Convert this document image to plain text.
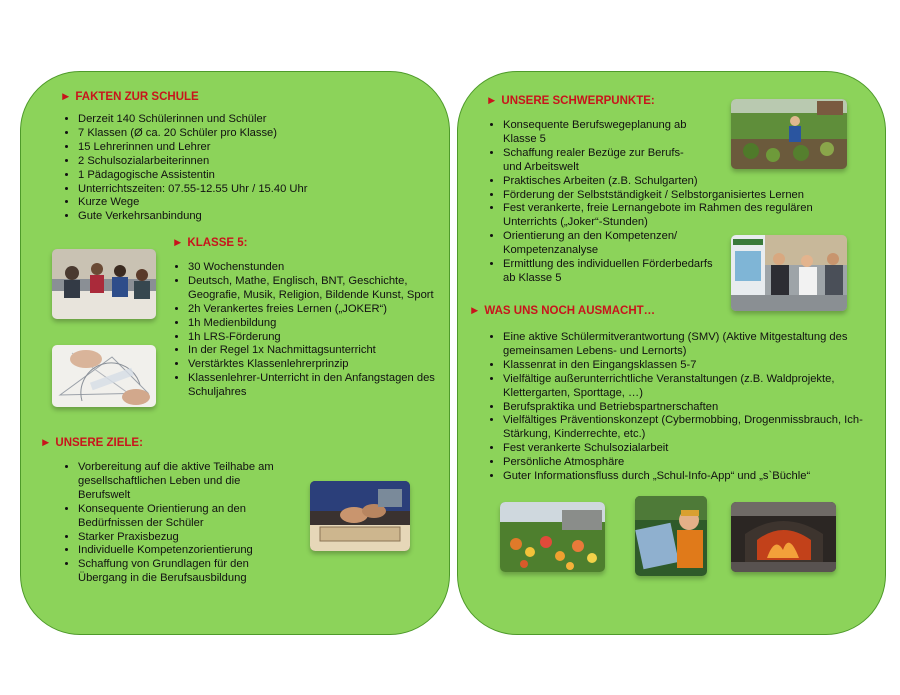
► FAKTEN ZUR SCHULE
• Derzeit 140 Schülerinnen und Schüler
• 7 Klassen (Ø ca. 20 Schüler pro Klasse)
• 15 Lehrerinnen und Lehrer
• 2 Schulsozialarbeiterinnen
• 1 Pädagogische Assistentin
• Unterrichtszeiten: 07.55-12.55 Uhr / 15.40 Uhr
• Kurze Wege
• Gute Verkehrsanbindung
► KLASSE 5:
• 30 Wochenstunden
• Deutsch, Mathe, Englisch, BNT, Geschichte, Geografie, Musik, Religion, Bildende Kunst, Sport
• 2h Verankertes freies Lernen („JOKER“)
• 1h Medienbildung
• 1h LRS-Förderung
• In der Regel 1x Nachmittagsunterricht
• Verstärktes Klassenlehrerprinzip
• Klassenlehrer-Unterricht in den Anfangstagen des Schuljahres
► UNSERE ZIELE:
• Vorbereitung auf die aktive Teilhabe am gesellschaftlichen Leben und die Berufswelt
• Konsequente Orientierung an den Bedürfnissen der Schüler
• Starker Praxisbezug
• Individuelle Kompetenzorientierung
• Schaffung von Grundlagen für den Übergang in die Berufsausbildung
► UNSERE SCHWERPUNKTE:
• Konsequente Berufswegeplanung ab Klasse 5
• Schaffung realer Bezüge zur Berufs- und Arbeitswelt
• Praktisches Arbeiten (z.B. Schulgarten)
• Förderung der Selbstständigkeit / Selbstorganisiertes Lernen
• Fest verankerte, freie Lernangebote im Rahmen des regulären Unterrichts („Joker“-Stunden)
• Orientierung an den Kompetenzen/ Kompetenzanalyse
• Ermittlung des individuellen Förderbedarfs ab Klasse 5
► WAS UNS NOCH AUSMACHT…
• Eine aktive Schülermitverantwortung (SMV) (Aktive Mitgestaltung des gemeinsamen Lebens- und Lernorts)
• Klassenrat in den Eingangsklassen 5-7
• Vielfältige außerunterrichtliche Veranstaltungen (z.B. Waldprojekte, Klettergarten, Sporttage, …)
• Berufspraktika und Betriebspartnerschaften
• Vielfältiges Präventionskonzept (Cybermobbing, Drogenmissbrauch, Ich-Stärkung, Kinderrechte, etc.)
• Fest verankerte Schulsozialarbeit
• Persönliche Atmosphäre
• Guter Informationsfluss durch „Schul-Info-App“ und „s`Büchle“
